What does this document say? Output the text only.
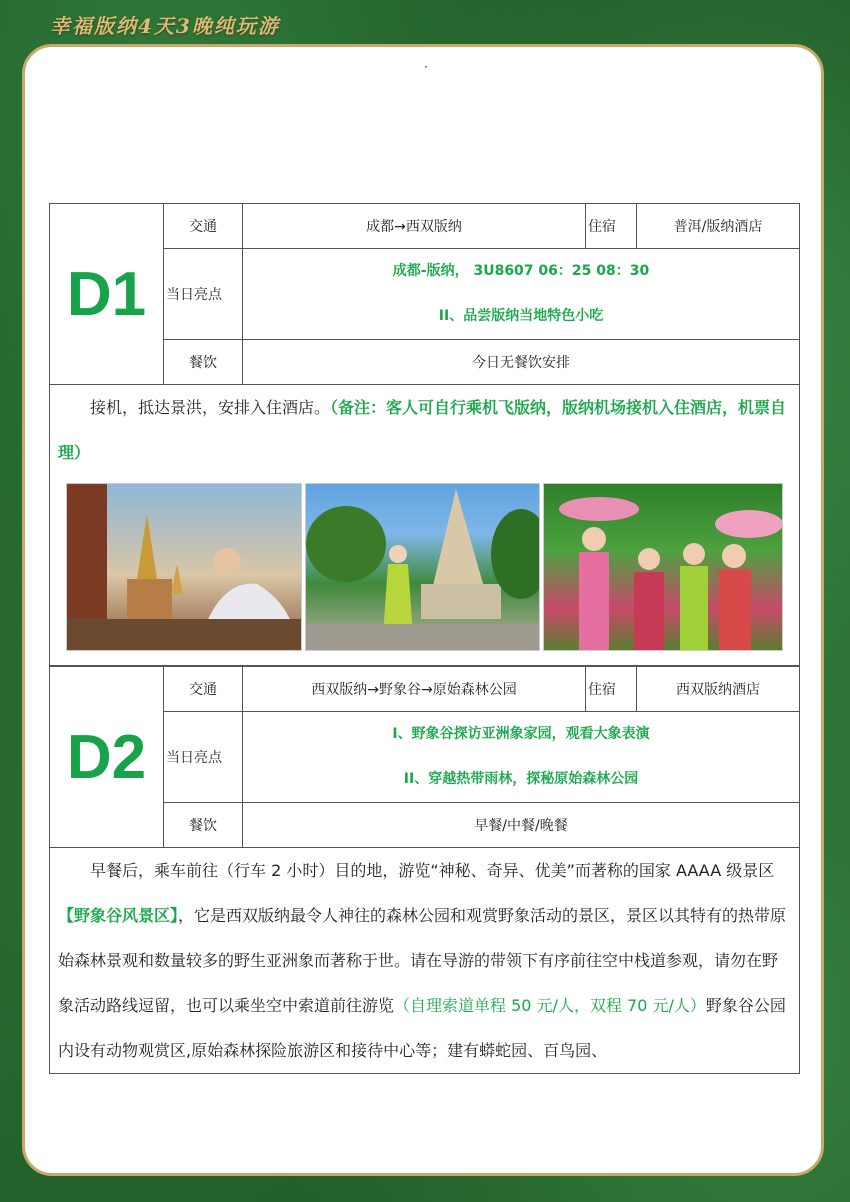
幸福版纳4天3晚纯玩游
·
D1	交通	成都→西双版纳	住宿	普洱/版纳酒店
	当日亮点	成都-版纳， 3U8607 06：25 08：30
II、品尝版纳当地特色小吃		

	餐饮	今日无餐饮安排		

接机，抵达景洪，安排入住酒店。（备注：客人可自行乘机飞版纳，版纳机场接机入住酒店，机票自理）				
D2	交通	西双版纳→野象谷→原始森林公园	住宿	西双版纳酒店
	当日亮点	I、野象谷探访亚洲象家园，观看大象表演
II、穿越热带雨林，探秘原始森林公园		

	餐饮	早餐/中餐/晚餐		

早餐后，乘车前往（行车 2 小时）目的地，游览“神秘、奇异、优美”而著称的国家 AAAA 级景区【野象谷风景区】，它是西双版纳最令人神往的森林公园和观赏野象活动的景区，景区以其特有的热带原始森林景观和数量较多的野生亚洲象而著称于世。请在导游的带领下有序前往空中栈道参观，请勿在野象活动路线逗留，也可以乘坐空中索道前往游览（自理索道单程 50 元/人，双程 70 元/人）野象谷公园内设有动物观赏区,原始森林探险旅游区和接待中心等；建有蟒蛇园、百鸟园、				
